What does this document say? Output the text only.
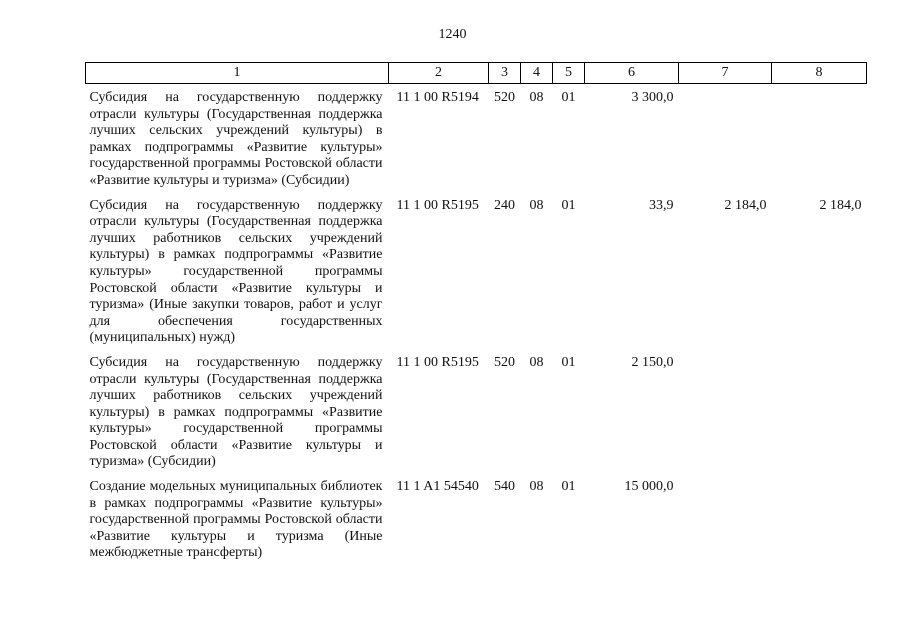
1240
1	2	3	4	5	6	7	8
Субсидия на государственную поддержку отрасли культуры (Государственная поддержка лучших сельских учреждений культуры) в рамках подпрограммы «Развитие культуры» государственной программы Ростовской области «Развитие культуры и туризма» (Субсидии)	11 1 00 R5194	520	08	01	3 300,0		
Субсидия на государственную поддержку отрасли культуры (Государственная поддержка лучших работников сельских учреждений культуры) в рамках подпрограммы «Развитие культуры» государственной программы Ростовской области «Развитие культуры и туризма» (Иные закупки товаров, работ и услуг для обеспечения государственных (муниципальных) нужд)	11 1 00 R5195	240	08	01	33,9	2 184,0	2 184,0
Субсидия на государственную поддержку отрасли культуры (Государственная поддержка лучших работников сельских учреждений культуры) в рамках подпрограммы «Развитие культуры» государственной программы Ростовской области «Развитие культуры и туризма» (Субсидии)	11 1 00 R5195	520	08	01	2 150,0		
Создание модельных муниципальных библиотек в рамках подпрограммы «Развитие культуры» государственной программы Ростовской области «Развитие культуры и туризма (Иные межбюджетные трансферты)	11 1 A1 54540	540	08	01	15 000,0		
